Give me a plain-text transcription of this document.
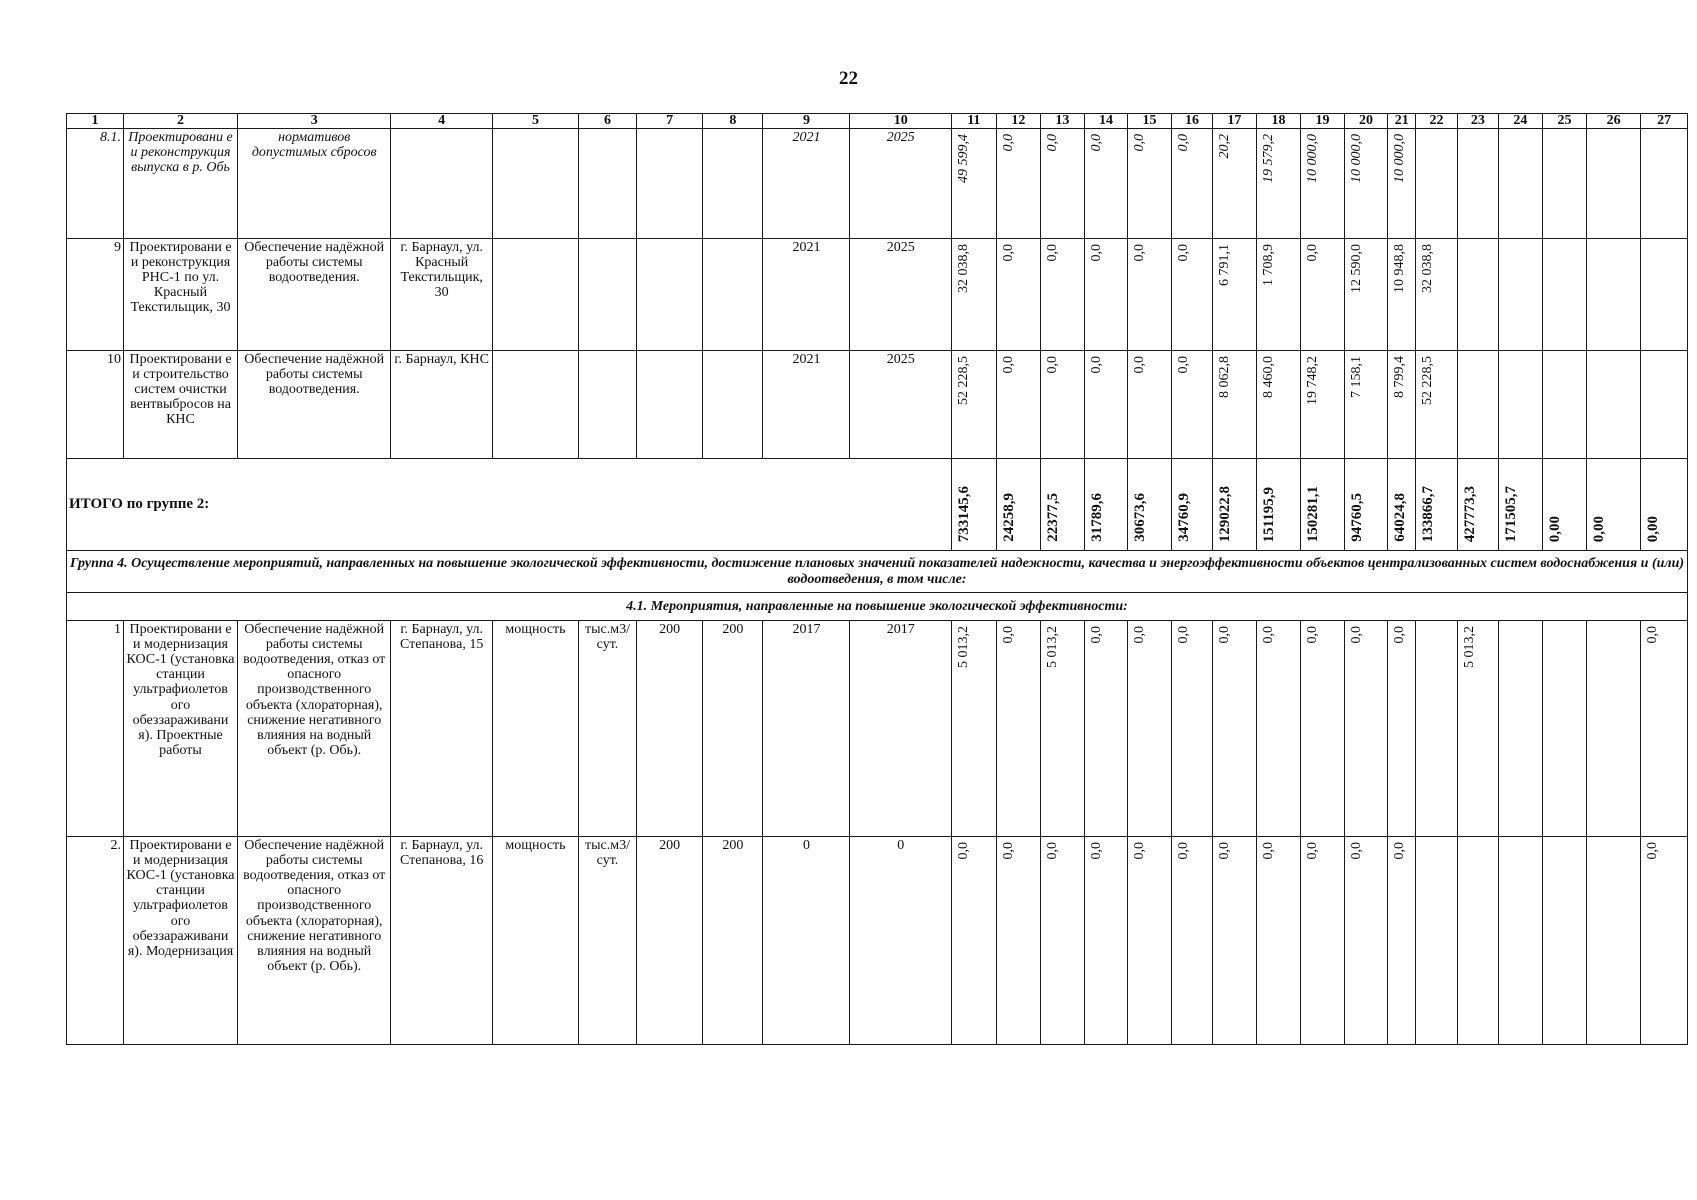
22
1	2	3	4	5	6	7	8	9	10	11	12	13	14	15	16	17	18	19	20	21	22	23	24	25	26	27
8.1.	Проектировани е и реконструкция выпуска в р. Обь	нормативов допустимых сбросов						2021	2025	49 599,4	0,0	0,0	0,0	0,0	0,0	20,2	19 579,2	10 000,0	10 000,0	10 000,0						

9	Проектировани е и реконструкция РНС-1 по ул. Красный Текстильщик, 30	Обеспечение надёжной работы системы водоотведения.	г. Барнаул, ул. Красный Текстильщик, 30					2021	2025	32 038,8	0,0	0,0	0,0	0,0	0,0	6 791,1	1 708,9	0,0	12 590,0	10 948,8	32 038,8					

10	Проектировани е и строительство систем очистки вентвыбросов на КНС	Обеспечение надёжной работы системы водоотведения.	г. Барнаул, КНС					2021	2025	52 228,5	0,0	0,0	0,0	0,0	0,0	8 062,8	8 460,0	19 748,2	7 158,1	8 799,4	52 228,5					

ИТОГО по группе 2:										733145,6	24258,9	22377,5	31789,6	30673,6	34760,9	129022,8	151195,9	150281,1	94760,5	64024,8	133866,7	427773,3	171505,7	0,00	0,00	0,00

Группа 4. Осуществление мероприятий, направленных на повышение экологической эффективности, достижение плановых значений показателей надежности, качества и энергоэффективности объектов централизованных систем водоснабжения и (или) водоотведения, в том числе:																										
4.1. Мероприятия, направленные на повышение экологической эффективности:																										
1	Проектировани е и модернизация КОС-1 (установка станции ультрафиолетов ого обеззараживани я). Проектные работы	Обеспечение надёжной работы системы водоотведения, отказ от опасного производственного объекта (хлораторная), снижение негативного влияния на водный объект (р. Обь).	г. Барнаул, ул. Степанова, 15	мощность	тыс.м3/ сут.	200	200	2017	2017	5 013,2	0,0	5 013,2	0,0	0,0	0,0	0,0	0,0	0,0	0,0	0,0		5 013,2				0,0

2.	Проектировани е и модернизация КОС-1 (установка станции ультрафиолетов ого обеззараживани я). Модернизация	Обеспечение надёжной работы системы водоотведения, отказ от опасного производственного объекта (хлораторная), снижение негативного влияния на водный объект (р. Обь).	г. Барнаул, ул. Степанова, 16	мощность	тыс.м3/ сут.	200	200	0	0	0,0	0,0	0,0	0,0	0,0	0,0	0,0	0,0	0,0	0,0	0,0						0,0
